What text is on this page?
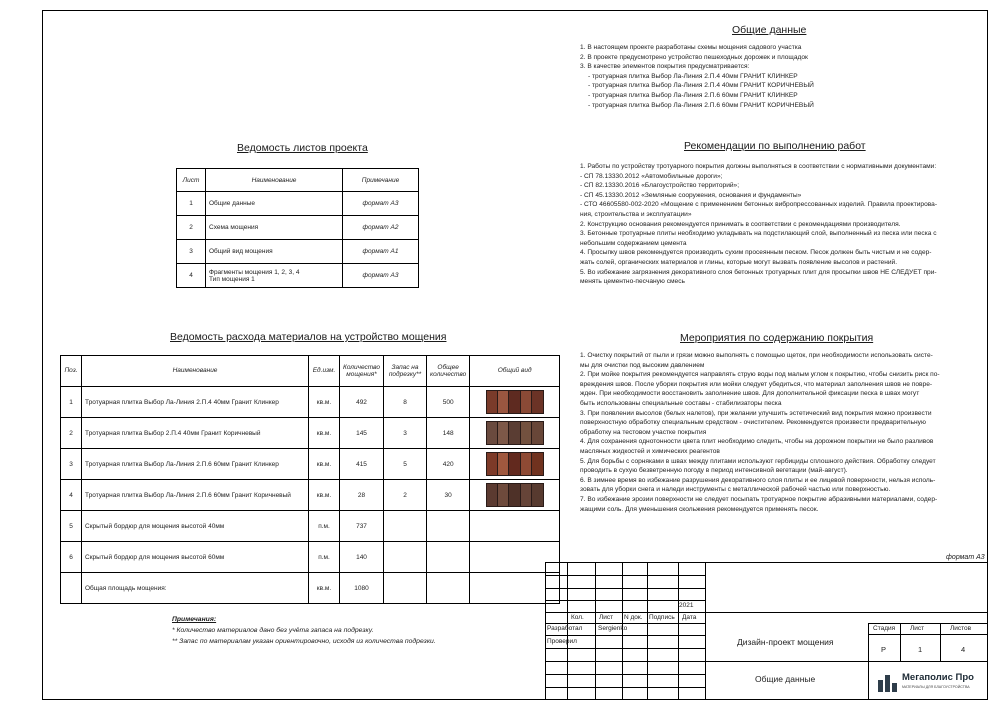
Общие данные
1. В настоящем проекте разработаны схемы мощения садового участка
2. В проекте предусмотрено устройство пешеходных дорожек и площадок
3. В качестве элементов покрытия предусматривается:
- тротуарная плитка Выбор Ла-Линия 2.П.4 40мм ГРАНИТ КЛИНКЕР
- тротуарная плитка Выбор Ла-Линия 2.П.4 40мм ГРАНИТ КОРИЧНЕВЫЙ
- тротуарная плитка Выбор Ла-Линия 2.П.6 60мм ГРАНИТ КЛИНКЕР
- тротуарная плитка Выбор Ла-Линия 2.П.6 60мм ГРАНИТ КОРИЧНЕВЫЙ
Рекомендации по выполнению работ
1. Работы по устройству тротуарного покрытия должны выполняться в соответствии с нормативными документами:
- СП 78.13330.2012 «Автомобильные дороги»;
- СП 82.13330.2016 «Благоустройство территорий»;
- СП 45.13330.2012 «Земляные сооружения, основания и фундаменты»
- СТО 46605580-002-2020 «Мощение с применением бетонных вибропрессованных изделий. Правила проектирова-
ния, строительства и эксплуатации»
2. Конструкцию основания рекомендуется принимать в соответствии с рекомендациями производителя.
3. Бетонные тротуарные плиты необходимо укладывать на подстилающий слой, выполненный из песка или песка с
небольшим содержанием цемента
4. Просыпку швов рекомендуется производить сухим просеянным песком. Песок должен быть чистым и не содер-
жать солей, органических материалов и глины, которые могут вызвать появление высолов и растений.
5. Во избежание загрязнения декоративного слоя бетонных тротуарных плит для просыпки швов НЕ СЛЕДУЕТ при-
менять цементно-песчаную смесь
Мероприятия по содержанию покрытия
1. Очистку покрытий от пыли и грязи можно выполнять с помощью щеток, при необходимости использовать систе-
мы для очистки под высоким давлением
2. При мойке покрытия рекомендуется направлять струю воды под малым углом к покрытию, чтобы снизить риск по-
вреждения швов. После уборки покрытия или мойки следует убедиться, что материал заполнения швов не повре-
жден. При необходимости восстановить заполнение швов. Для дополнительной фиксации песка в швах могут
быть использованы специальные составы - стабилизаторы песка
3. При появлении высолов (белых налетов), при желании улучшить эстетический вид покрытия можно произвести
поверхностную обработку специальным средством - очистителем. Рекомендуется произвести предварительную
обработку на тестовом участке покрытия
4. Для сохранения однотонности цвета плит необходимо следить, чтобы на дорожном покрытии не было разливов
масляных жидкостей и химических реагентов
5. Для борьбы с сорняками в швах между плитами используют гербициды сплошного действия. Обработку следует
проводить в сухую безветренную погоду в период интенсивной вегетации (май-август).
6. В зимнее время во избежание разрушения декоративного слоя плиты и ее лицевой поверхности, нельзя исполь-
зовать для уборки снега и наледи инструменты с металлической рабочей частью или поверхностью.
7. Во избежание эрозии поверхности не следует посыпать тротуарное покрытие абразивными материалами, содер-
жащими соль. Для уменьшения скольжения рекомендуется применять песок.
Ведомость листов проекта
Лист	Наименование	Примечание
1	Общие данные	формат А3
2	Схема мощения	формат А2
3	Общий вид мощения	формат А1
4	Фрагменты мощения 1, 2, 3, 4
Тип мощения 1	формат А3
Ведомость расхода материалов на устройство мощения
Поз.	Наименование	Ед.изм.	Количество мощения*	Запас на подрезку**	Общее количество	Общий вид
1	Тротуарная плитка Выбор Ла-Линия 2.П.4 40мм Гранит Клинкер	кв.м.	492	8	500	

2	Тротуарная плитка Выбор 2.П.4 40мм Гранит Коричневый	кв.м.	145	3	148	

3	Тротуарная плитка Выбор Ла-Линия 2.П.6 60мм Гранит Клинкер	кв.м.	415	5	420	

4	Тротуарная плитка Выбор Ла-Линия 2.П.6 60мм Гранит Коричневый	кв.м.	28	2	30	

5	Скрытый бордюр для мощения высотой 40мм	п.м.	737			
6	Скрытый бордюр для мощения высотой 60мм	п.м.	140			
	Общая площадь мощения:	кв.м.	1080			
Примечания:
* Количество материалов дано без учёта запаса на подрезку.
** Запас по материалам указан ориентировочно, исходя из количества подрезки.
формат А3
2021
Кол. Лист N док. Подпись Дата
Разработал Sergienko
Проверил	Дизайн-проект мощения
Стадия Лист	Листов
Р	1	4
Общие данные	Мегаполис Про
МАТЕРИАЛЫ ДЛЯ БЛАГОУСТРОЙСТВА
